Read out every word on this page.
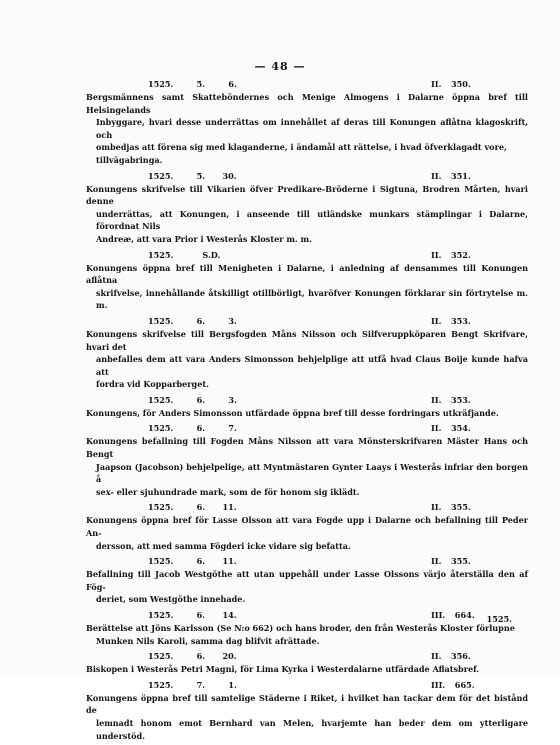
— 48 —
1525.    5.    6.	II.  350.
Bergsmännens samt Skatteböndernes och Menige Almogens i Dalarne öppna bref till Helsingelands
Inbyggare, hvari desse underrättas om innehållet af deras till Konungen aflåtna klagoskrift, och
ombedjas att förena sig med klaganderne, i ändamål att rättelse, i hvad öfverklagadt vore,
tillvägabringa.
1525.    5.   30.	II.  351.
Konungens skrifvelse till Vikarien öfver Predikare-Bröderne i Sigtuna, Brodren Mårten, hvari denne
underrättas, att Konungen, i anseende till utländske munkars stämplingar i Dalarne, förordnat Nils
Andreæ, att vara Prior i Westerås Kloster m. m.
1525.     S.D.	II.  352.
Konungens öppna bref till Menigheten i Dalarne, i anledning af densammes till Konungen aflåtna
skrifvelse, innehållande åtskilligt otillbörligt, hvaröfver Konungen förklarar sin förtrytelse m. m.
1525.    6.    3.	II.  353.
Konungens skrifvelse till Bergsfogden Måns Nilsson och Silfveruppköparen Bengt Skrifvare, hvari det
anbefalles dem att vara Anders Simonsson behjelplige att utfå hvad Claus Boije kunde hafva att
fordra vid Kopparberget.
1525.    6.    3.	II.  353.
Konungens, för Anders Simonsson utfärdade öppna bref till desse fordringars utkräfjande.
1525.    6.    7.	II.  354.
Konungens befallning till Fogden Måns Nilsson att vara Mönsterskrifvaren Mäster Hans och Bengt
Jaapson (Jacobson) behjelpelige, att Myntmästaren Gynter Laays i Westerås infriar den borgen å
sex- eller sjuhundrade mark, som de för honom sig iklädt.
1525.    6.   11.	II.  355.
Konungens öppna bref för Lasse Olsson att vara Fogde upp i Dalarne och befallning till Peder An-
dersson, att med samma Fögderi icke vidare sig befatta.
1525.    6.   11.	II.  355.
Befallning till Jacob Westgöthe att utan uppehåll under Lasse Olssons värjo återställa den af Fög-
deriet, som Westgöthe innehade.
1525.    6.   14.	III.  664.
Berättelse att Jöns Karlsson (Se N:o 662) och hans broder, den från Westerås Kloster förlupne
Munken Nils Karoli, samma dag blifvit afrättade.
1525.    6.   20.	II.  356.
Biskopen i Westerås Petri Magni, för Lima Kyrka i Westerdalarne utfärdade Aflatsbref.
1525.    7.    1.	III.  665.
Konungens öppna bref till samtelige Städerne i Riket, i hvilket han tackar dem för det bistånd de
lemnadt honom emot Bernhard van Melen, hvarjemte han beder dem om ytterligare understöd.
1525.
